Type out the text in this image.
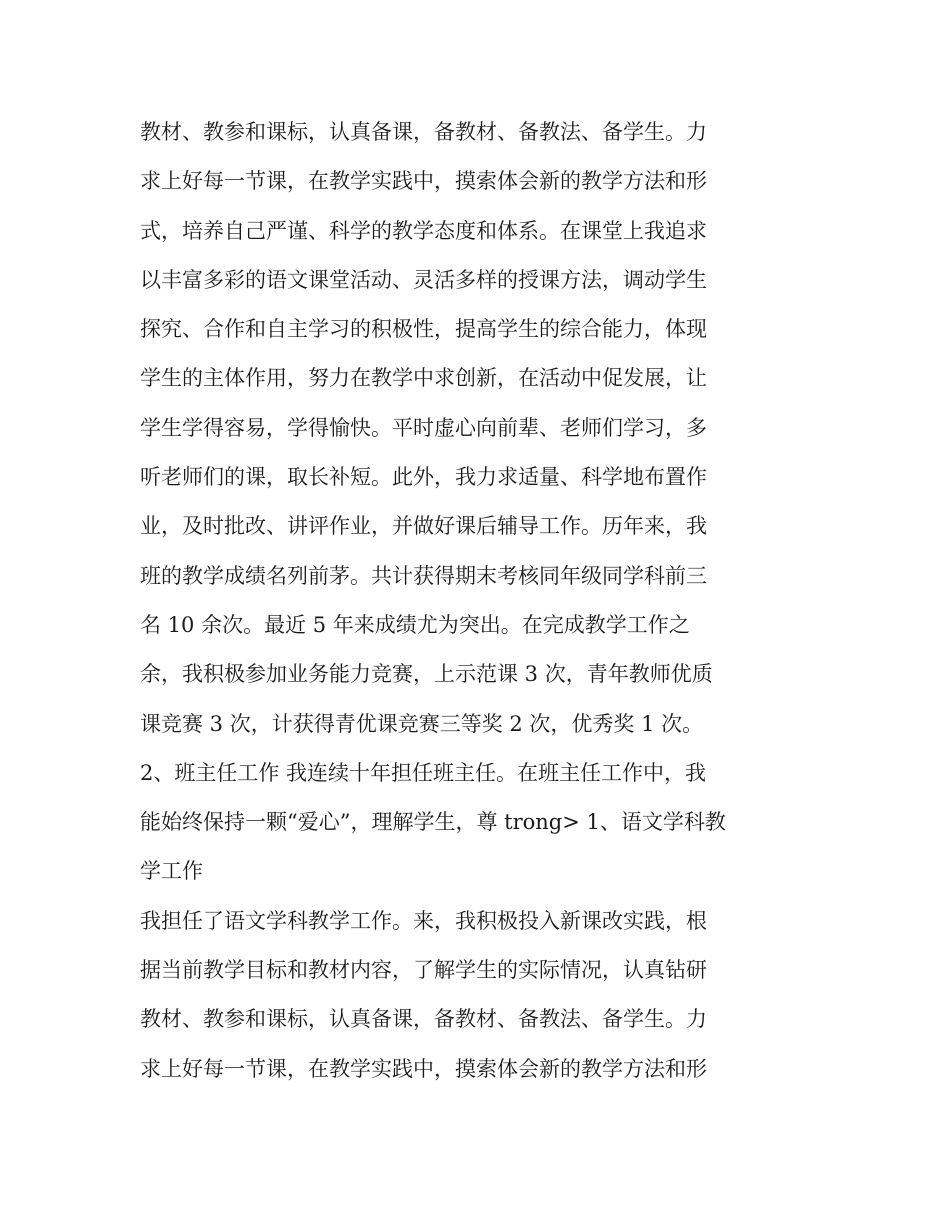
教材、教参和课标，认真备课，备教材、备教法、备学生。力
求上好每一节课，在教学实践中，摸索体会新的教学方法和形
式，培养自己严谨、科学的教学态度和体系。在课堂上我追求
以丰富多彩的语文课堂活动、灵活多样的授课方法，调动学生
探究、合作和自主学习的积极性，提高学生的综合能力，体现
学生的主体作用，努力在教学中求创新，在活动中促发展，让
学生学得容易，学得愉快。平时虚心向前辈、老师们学习，多
听老师们的课，取长补短。此外，我力求适量、科学地布置作
业，及时批改、讲评作业，并做好课后辅导工作。历年来，我
班的教学成绩名列前茅。共计获得期末考核同年级同学科前三
名 10 余次。最近 5 年来成绩尤为突出。在完成教学工作之
余，我积极参加业务能力竞赛，上示范课 3 次，青年教师优质
课竞赛 3 次，计获得青优课竞赛三等奖 2 次，优秀奖 1 次。
2、班主任工作 我连续十年担任班主任。在班主任工作中，我
能始终保持一颗“爱心”，理解学生，尊 trong> 1、语文学科教
学工作
我担任了语文学科教学工作。来，我积极投入新课改实践，根
据当前教学目标和教材内容，了解学生的实际情况，认真钻研
教材、教参和课标，认真备课，备教材、备教法、备学生。力
求上好每一节课，在教学实践中，摸索体会新的教学方法和形
